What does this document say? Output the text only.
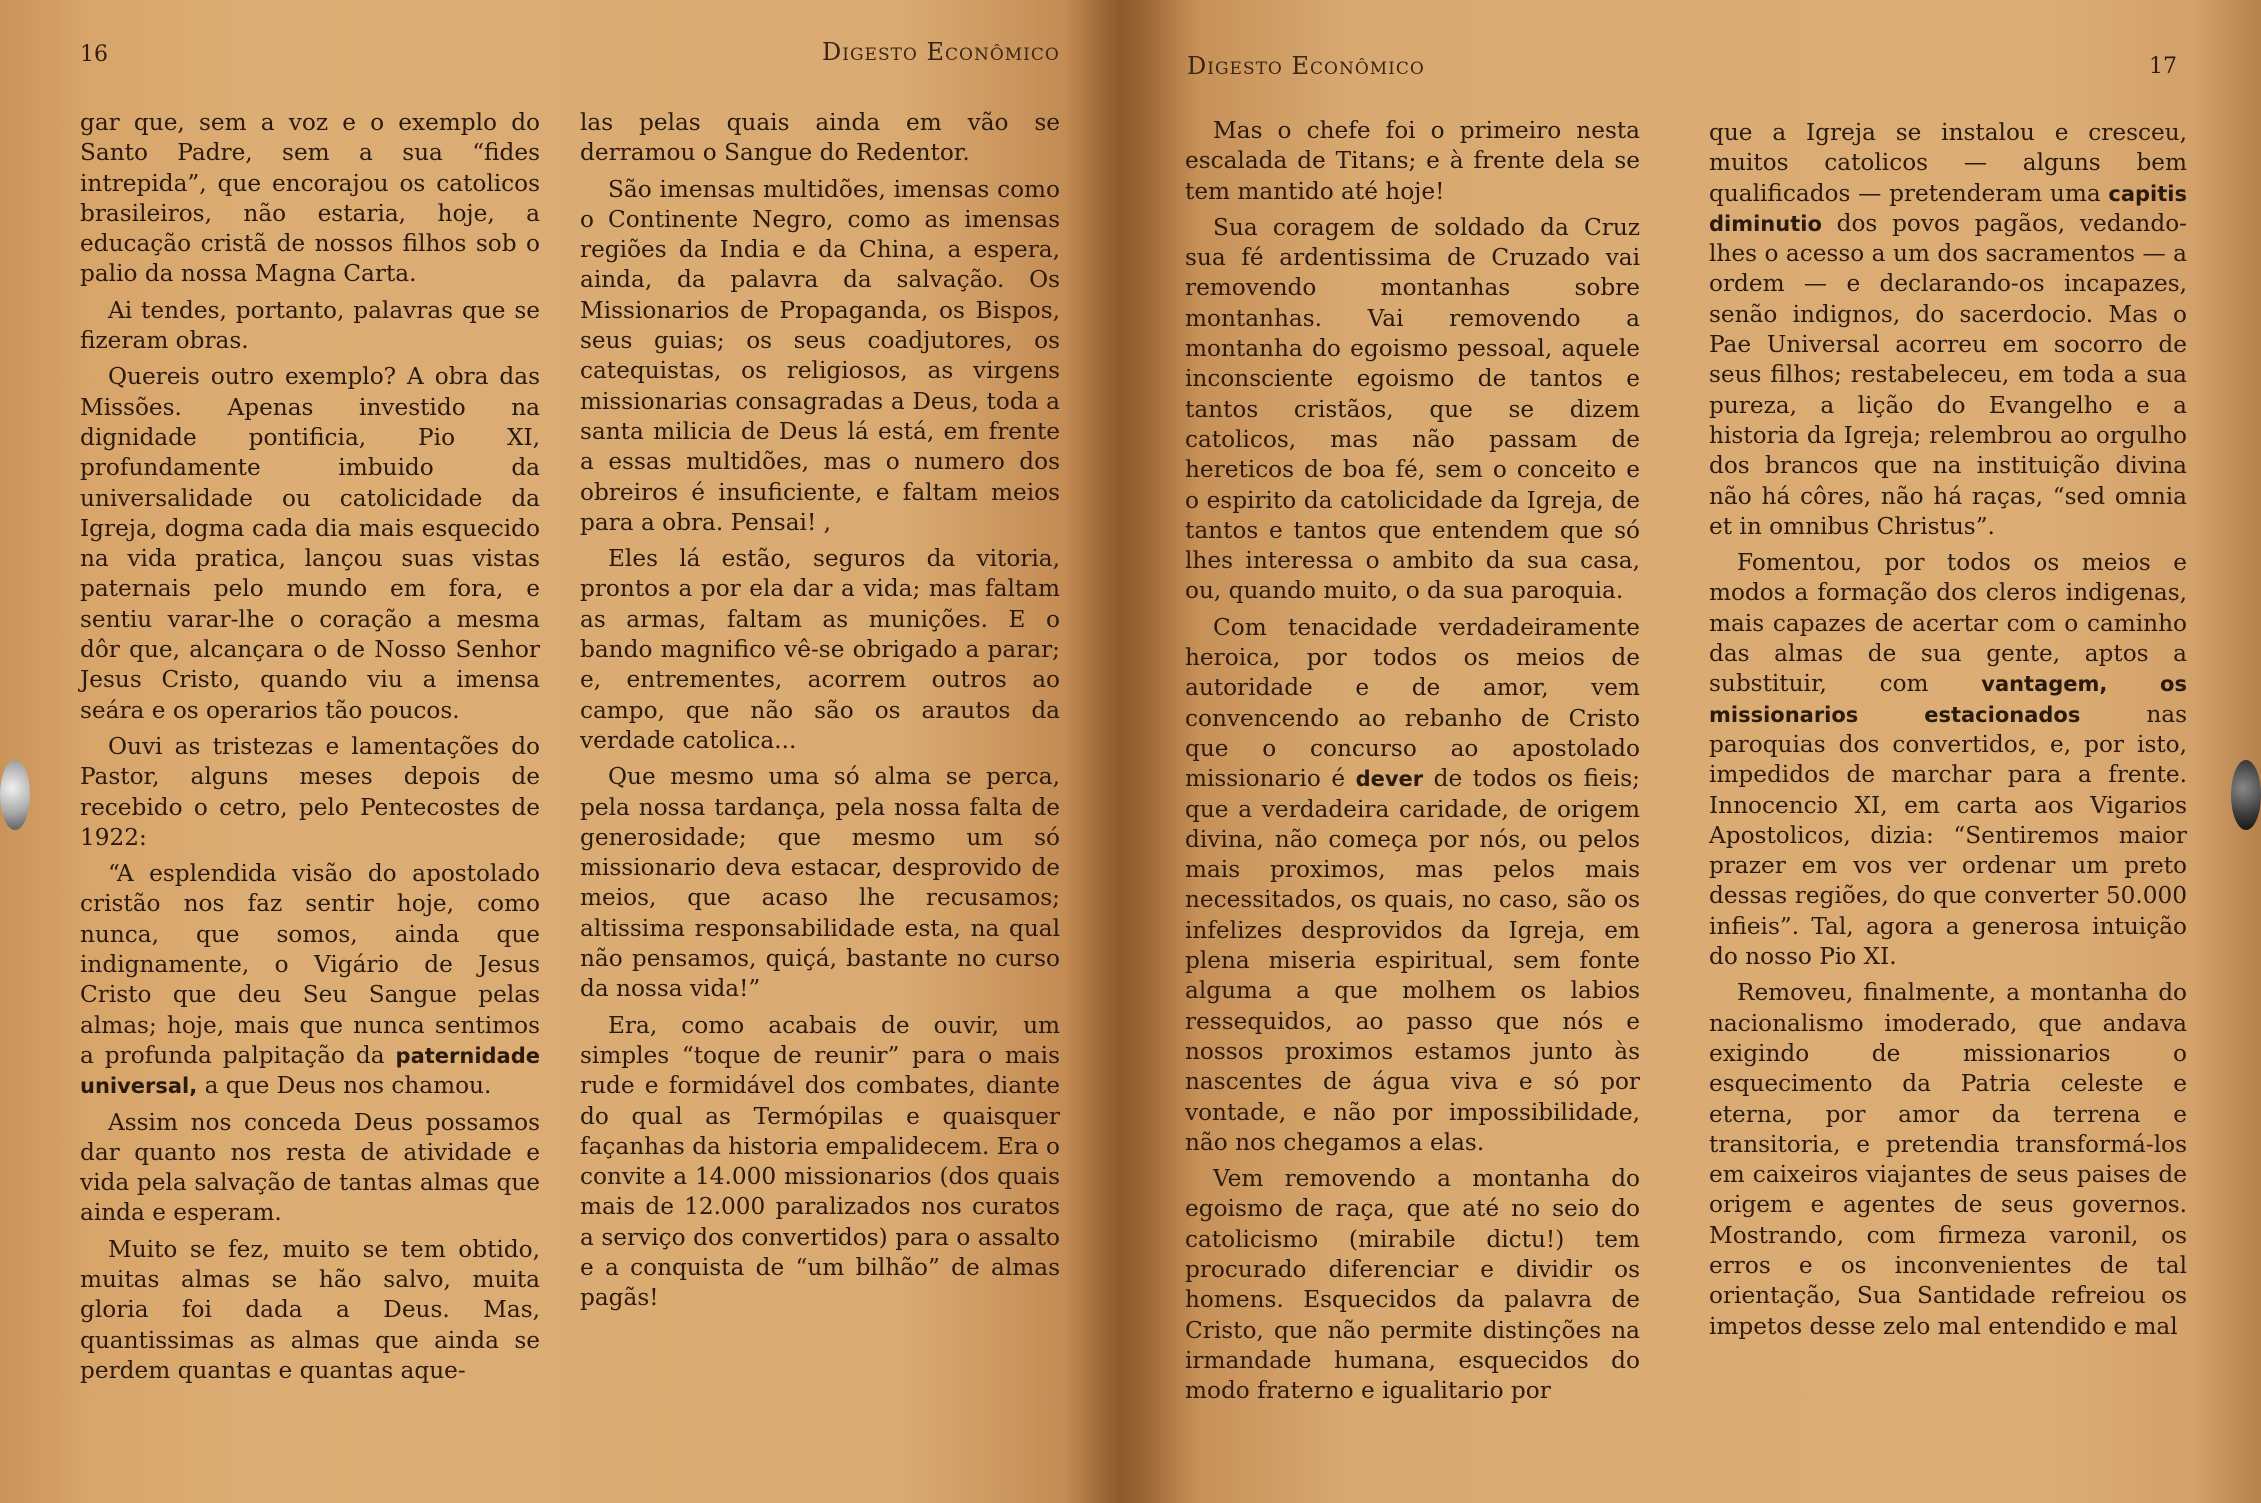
16	Digesto Econômico

gar que, sem a voz e o exemplo do Santo Padre, sem a sua “fides intrepida”, que encorajou os catolicos brasileiros, não estaria, hoje, a educação cristã de nossos filhos sob o palio da nossa Magna Carta.

Ai tendes, portanto, palavras que se fizeram obras.

Quereis outro exemplo? A obra das Missões. Apenas investido na dignidade pontificia, Pio XI, profundamente imbuido da universalidade ou catolicidade da Igreja, dogma cada dia mais esquecido na vida pratica, lançou suas vistas paternais pelo mundo em fora, e sentiu varar-lhe o coração a mesma dôr que, alcançara o de Nosso Senhor Jesus Cristo, quando viu a imensa seára e os operarios tão poucos.

Ouvi as tristezas e lamentações do Pastor, alguns meses depois de recebido o cetro, pelo Pentecostes de 1922:

“A esplendida visão do apostolado cristão nos faz sentir hoje, como nunca, que somos, ainda que indignamente, o Vigário de Jesus Cristo que deu Seu Sangue pelas almas; hoje, mais que nunca sentimos a profunda palpitação da paternidade universal, a que Deus nos chamou.

Assim nos conceda Deus possamos dar quanto nos resta de atividade e vida pela salvação de tantas almas que ainda e esperam.

Muito se fez, muito se tem obtido, muitas almas se hão salvo, muita gloria foi dada a Deus. Mas, quantissimas as almas que ainda se perdem quantas e quantas aque-

las pelas quais ainda em vão se derramou o Sangue do Redentor.

São imensas multidões, imensas como o Continente Negro, como as imensas regiões da India e da China, a espera, ainda, da palavra da salvação. Os Missionarios de Propaganda, os Bispos, seus guias; os seus coadjutores, os catequistas, os religiosos, as virgens missionarias consagradas a Deus, toda a santa milicia de Deus lá está, em frente a essas multidões, mas o numero dos obreiros é insuficiente, e faltam meios para a obra. Pensai! ,

Eles lá estão, seguros da vitoria, prontos a por ela dar a vida; mas faltam as armas, faltam as munições. E o bando magnifico vê-se obrigado a parar; e, entrementes, acorrem outros ao campo, que não são os arautos da verdade catolica...

Que mesmo uma só alma se perca, pela nossa tardança, pela nossa falta de generosidade; que mesmo um só missionario deva estacar, desprovido de meios, que acaso lhe recusamos; altissima responsabilidade esta, na qual não pensamos, quiçá, bastante no curso da nossa vida!”

Era, como acabais de ouvir, um simples “toque de reunir” para o mais rude e formidável dos combates, diante do qual as Termópilas e quaisquer façanhas da historia empalidecem. Era o convite a 14.000 missionarios (dos quais mais de 12.000 paralizados nos curatos a serviço dos convertidos) para o assalto e a conquista de “um bilhão” de almas pagãs!

Digesto Econômico	17

Mas o chefe foi o primeiro nesta escalada de Titans; e à frente dela se tem mantido até hoje!

Sua coragem de soldado da Cruz sua fé ardentissima de Cruzado vai removendo montanhas sobre montanhas. Vai removendo a montanha do egoismo pessoal, aquele inconsciente egoismo de tantos e tantos cristãos, que se dizem catolicos, mas não passam de hereticos de boa fé, sem o conceito e o espirito da catolicidade da Igreja, de tantos e tantos que entendem que só lhes interessa o ambito da sua casa, ou, quando muito, o da sua paroquia.

Com tenacidade verdadeiramente heroica, por todos os meios de autoridade e de amor, vem convencendo ao rebanho de Cristo que o concurso ao apostolado missionario é dever de todos os fieis; que a verdadeira caridade, de origem divina, não começa por nós, ou pelos mais proximos, mas pelos mais necessitados, os quais, no caso, são os infelizes desprovidos da Igreja, em plena miseria espiritual, sem fonte alguma a que molhem os labios ressequidos, ao passo que nós e nossos proximos estamos junto às nascentes de água viva e só por vontade, e não por impossibilidade, não nos chegamos a elas.

Vem removendo a montanha do egoismo de raça, que até no seio do catolicismo (mirabile dictu!) tem procurado diferenciar e dividir os homens. Esquecidos da palavra de Cristo, que não permite distinções na irmandade humana, esquecidos do modo fraterno e igualitario por

que a Igreja se instalou e cresceu, muitos catolicos — alguns bem qualificados — pretenderam uma capitis diminutio dos povos pagãos, vedando-lhes o acesso a um dos sacramentos — a ordem — e declarando-os incapazes, senão indignos, do sacerdocio. Mas o Pae Universal acorreu em socorro de seus filhos; restabeleceu, em toda a sua pureza, a lição do Evangelho e a historia da Igreja; relembrou ao orgulho dos brancos que na instituição divina não há côres, não há raças, “sed omnia et in omnibus Christus”.

Fomentou, por todos os meios e modos a formação dos cleros indigenas, mais capazes de acertar com o caminho das almas de sua gente, aptos a substituir, com vantagem, os missionarios estacionados nas paroquias dos convertidos, e, por isto, impedidos de marchar para a frente. Innocencio XI, em carta aos Vigarios Apostolicos, dizia: “Sentiremos maior prazer em vos ver ordenar um preto dessas regiões, do que converter 50.000 infieis”. Tal, agora a generosa intuição do nosso Pio XI.

Removeu, finalmente, a montanha do nacionalismo imoderado, que andava exigindo de missionarios o esquecimento da Patria celeste e eterna, por amor da terrena e transitoria, e pretendia transformá-los em caixeiros viajantes de seus paises de origem e agentes de seus governos. Mostrando, com firmeza varonil, os erros e os inconvenientes de tal orientação, Sua Santidade refreiou os impetos desse zelo mal entendido e mal
